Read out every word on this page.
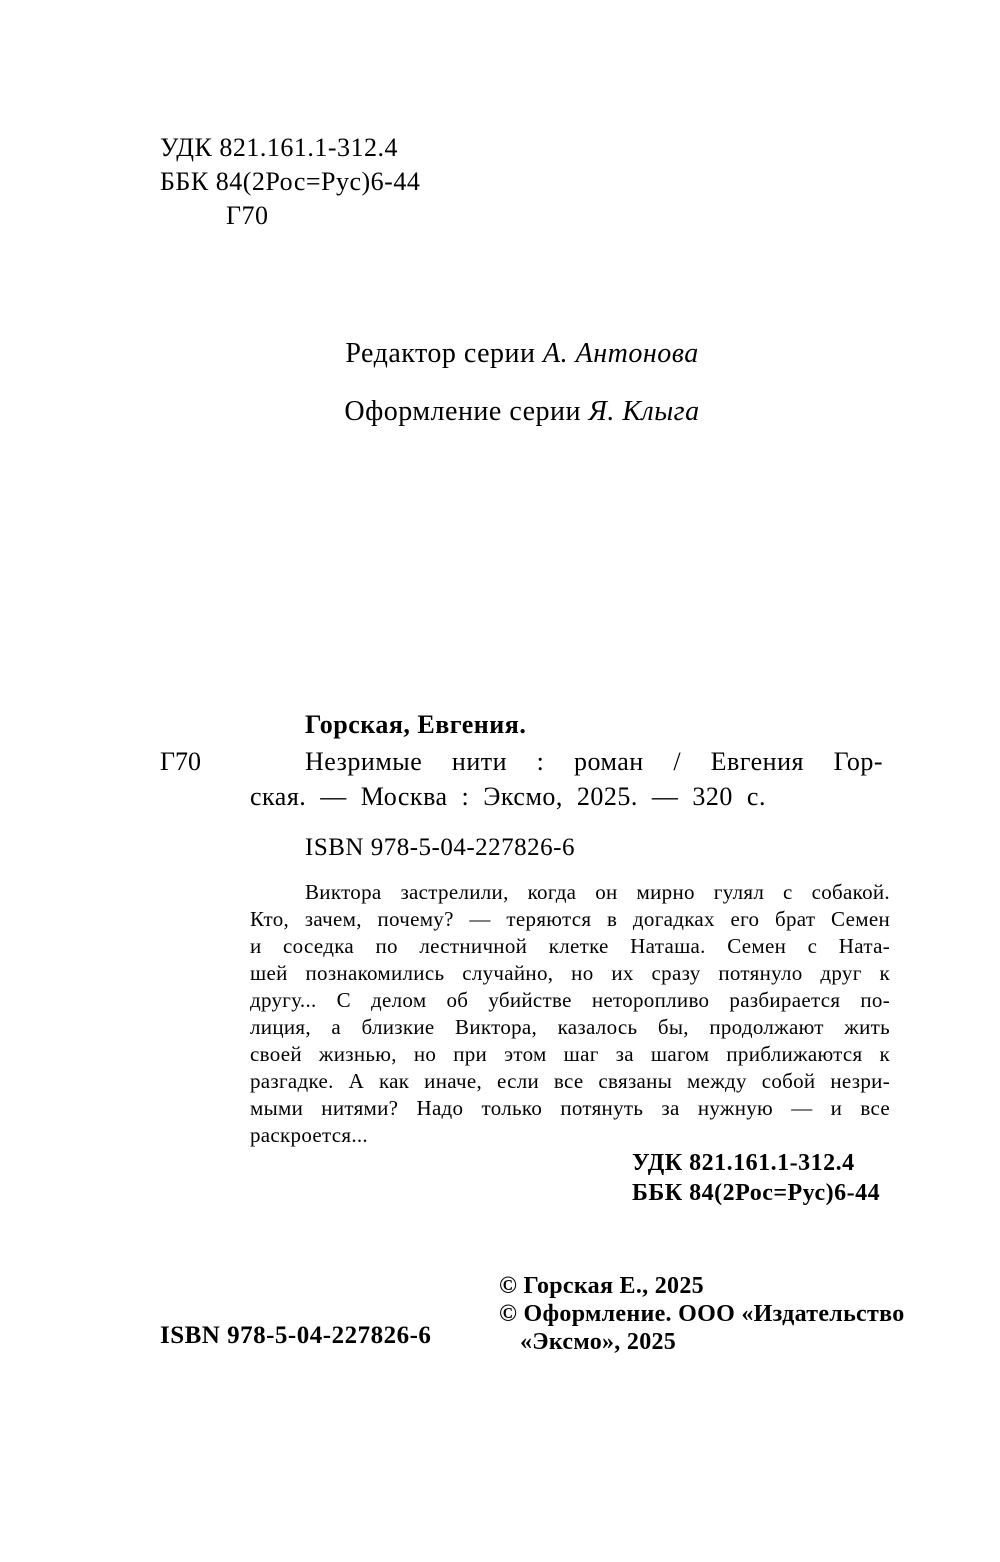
УДК 821.161.1-312.4
ББК 84(2Рос=Рус)6-44
Г70
Редактор серии А. Антонова
Оформление серии Я. Клыга
Горская, Евгения.
Г70	Незримые нити : роман / Евгения Гор-
ская. — Москва : Эксмо, 2025. — 320 с.
ISBN 978-5-04-227826-6
Виктора застрелили, когда он мирно гулял с собакой.
Кто, зачем, почему? — теряются в догадках его брат Семен
и соседка по лестничной клетке Наташа. Семен с Ната-
шей познакомились случайно, но их сразу потянуло друг к
другу... С делом об убийстве неторопливо разбирается по-
лиция, а близкие Виктора, казалось бы, продолжают жить
своей жизнью, но при этом шаг за шагом приближаются к
разгадке. А как иначе, если все связаны между собой незри-
мыми нитями? Надо только потянуть за нужную — и все
раскроется...
УДК 821.161.1-312.4
ББК 84(2Рос=Рус)6-44
ISBN 978-5-04-227826-6
© Горская Е., 2025
© Оформление. ООО «Издательство
«Эксмо», 2025
